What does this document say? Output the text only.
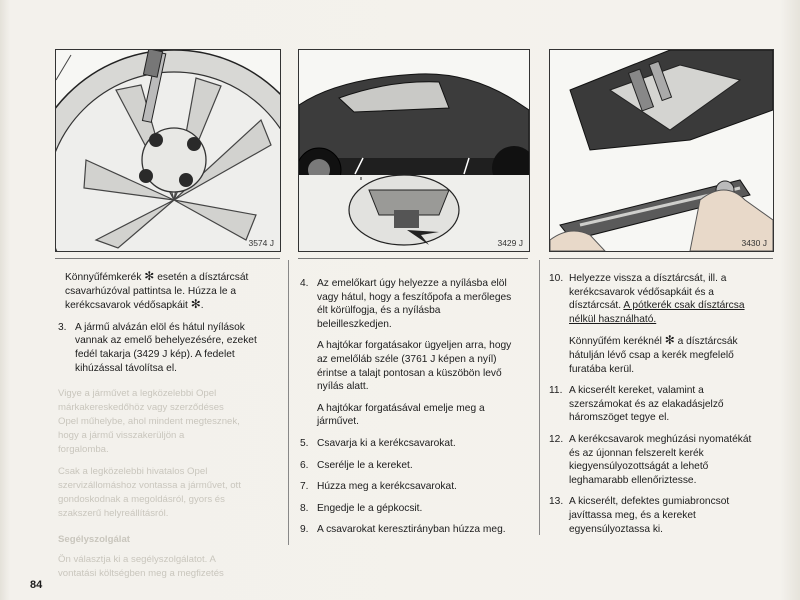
Vigye a járművet a legközelebbi Opel
márkakereskedőhöz vagy szerződéses
Opel műhelybe, ahol mindent megtesznek,
hogy a jármű visszakerüljön a
forgalomba.
Csak a legközelebbi hivatalos Opel
szervizállomáshoz vontassa a járművet, ott
gondoskodnak a megoldásról, gyors és
szakszerű helyreállításról.
Segélyszolgálat
Ön választja ki a segélyszolgálatot. A
vontatási költségben meg a megfizetés
3574 J	3429 J	3430 J

Könnyűfémkerék ✻ esetén a dísztárcsát csavarhúzóval pattintsa le. Húzza le a kerékcsavarok védősapkáit ✻.

3. A jármű alvázán elöl és hátul nyílások vannak az emelő behelyezésére, ezeket fedél takarja (3429 J kép). A fedelet kihúzással távolítsa el.
4. Az emelőkart úgy helyezze a nyílásba elöl vagy hátul, hogy a feszítőpofa a merőleges élt körülfogja, és a nyílásba beleilleszkedjen.

A hajtókar forgatásakor ügyeljen arra, hogy az emelőláb széle (3761 J képen a nyíl) érintse a talajt pontosan a küszöbön levő nyílás alatt.

A hajtókar forgatásával emelje meg a járművet.

5. Csavarja ki a kerékcsavarokat.
6. Cserélje le a kereket.
7. Húzza meg a kerékcsavarokat.
8. Engedje le a gépkocsit.
9. A csavarokat keresztirányban húzza meg.
10. Helyezze vissza a dísztárcsát, ill. a kerékcsavarok védősapkáit és a dísztárcsát. A pótkerék csak dísztárcsa nélkül használható.

Könnyűfém keréknél ✻ a dísztárcsák hátulján lévő csap a kerék megfelelő furatába kerül.

11. A kicserélt kereket, valamint a szerszámokat és az elakadásjelző háromszöget tegye el.
12. A kerékcsavarok meghúzási nyomatékát és az újonnan felszerelt kerék kiegyensúlyozottságát a lehető leghamarabb ellenőriztesse.
13. A kicserélt, defektes gumiabroncsot javíttassa meg, és a kereket egyensúlyoztassa ki.
84
